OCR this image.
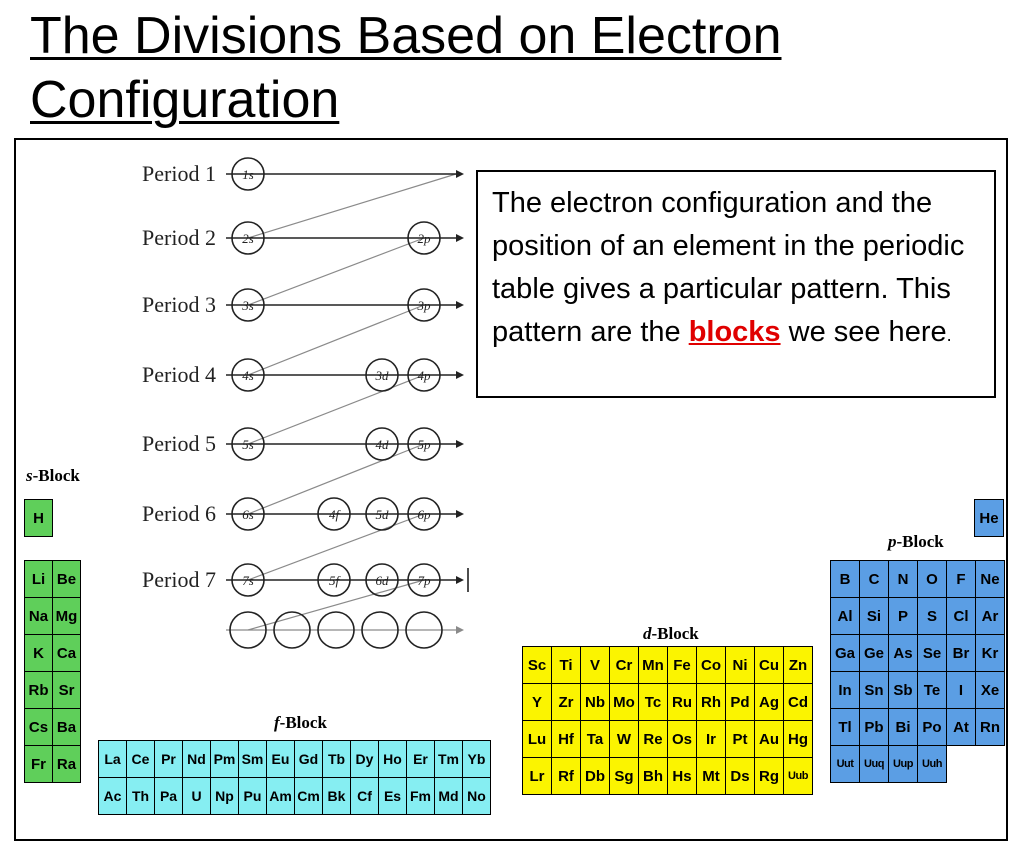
The Divisions Based on Electron Configuration
Period 1 1s
Period 2 2s	2p
Period 3 3s	3p
Period 4 4s	3d 4p
Period 5 5s	4d 5p
Period 6 6s	4f	5d 6p
Period 7 7s	5f	6d 7p
s-Block
H
Li	Be
Na	Mg
K	Ca
Rb	Sr
Cs	Ba
Fr	Ra
d-Block
Sc	Ti	V	Cr	Mn	Fe	Co	Ni	Cu	Zn
Y	Zr	Nb	Mo	Tc	Ru	Rh	Pd	Ag	Cd
Lu	Hf	Ta	W	Re	Os	Ir	Pt	Au	Hg
Lr	Rf	Db	Sg	Bh	Hs	Mt	Ds	Rg	Uub
p-Block
He
B	C	N	O	F	Ne
Al	Si	P	S	Cl	Ar
Ga	Ge	As	Se	Br	Kr
In	Sn	Sb	Te	I	Xe
Tl	Pb	Bi	Po	At	Rn
Uut	Uuq	Uup	Uuh		
f-Block
La	Ce	Pr	Nd	Pm	Sm	Eu	Gd	Tb	Dy	Ho	Er	Tm	Yb
Ac	Th	Pa	U	Np	Pu	Am	Cm	Bk	Cf	Es	Fm	Md	No
The electron configuration and the position of an element in the periodic table gives a particular pattern. This pattern are the blocks we see here.
